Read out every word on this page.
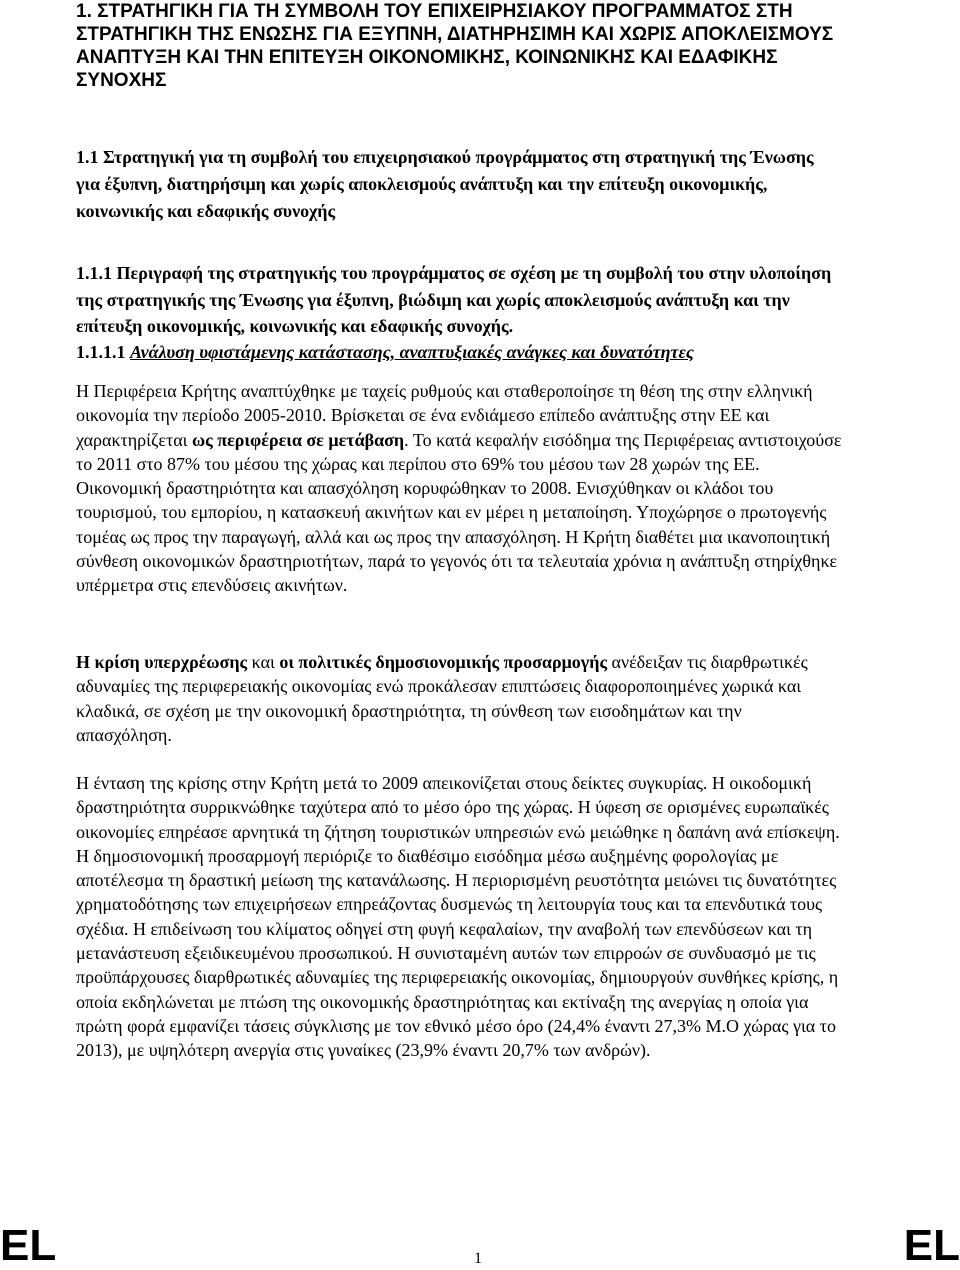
1. ΣΤΡΑΤΗΓΙΚΗ ΓΙΑ ΤΗ ΣΥΜΒΟΛΗ ΤΟΥ ΕΠΙΧΕΙΡΗΣΙΑΚΟΥ ΠΡΟΓΡΑΜΜΑΤΟΣ ΣΤΗ ΣΤΡΑΤΗΓΙΚΗ ΤΗΣ ΕΝΩΣΗΣ ΓΙΑ ΕΞΥΠΝΗ, ΔΙΑΤΗΡΗΣΙΜΗ ΚΑΙ ΧΩΡΙΣ ΑΠΟΚΛΕΙΣΜΟΥΣ ΑΝΑΠΤΥΞΗ ΚΑΙ ΤΗΝ ΕΠΙΤΕΥΞΗ ΟΙΚΟΝΟΜΙΚΗΣ, ΚΟΙΝΩΝΙΚΗΣ ΚΑΙ ΕΔΑΦΙΚΗΣ ΣΥΝΟΧΗΣ
1.1 Στρατηγική για τη συμβολή του επιχειρησιακού προγράμματος στη στρατηγική της Ένωσης για έξυπνη, διατηρήσιμη και χωρίς αποκλεισμούς ανάπτυξη και την επίτευξη οικονομικής, κοινωνικής και εδαφικής συνοχής
1.1.1 Περιγραφή της στρατηγικής του προγράμματος σε σχέση με τη συμβολή του στην υλοποίηση της στρατηγικής της Ένωσης για έξυπνη, βιώδιμη και χωρίς αποκλεισμούς ανάπτυξη και την επίτευξη οικονομικής, κοινωνικής και εδαφικής συνοχής.
1.1.1.1 Ανάλυση υφιστάμενης κατάστασης, αναπτυξιακές ανάγκες και δυνατότητες

Η Περιφέρεια Κρήτης αναπτύχθηκε με ταχείς ρυθμούς και σταθεροποίησε τη θέση της στην ελληνική οικονομία την περίοδο 2005-2010. Βρίσκεται σε ένα ενδιάμεσο επίπεδο ανάπτυξης στην ΕΕ και χαρακτηρίζεται ως περιφέρεια σε μετάβαση. Το κατά κεφαλήν εισόδημα της Περιφέρειας αντιστοιχούσε το 2011 στο 87% του μέσου της χώρας και περίπου στο 69% του μέσου των 28 χωρών της ΕΕ. Οικονομική δραστηριότητα και απασχόληση κορυφώθηκαν το 2008. Ενισχύθηκαν οι κλάδοι του τουρισμού, του εμπορίου, η κατασκευή ακινήτων και εν μέρει η μεταποίηση. Υποχώρησε ο πρωτογενής τομέας ως προς την παραγωγή, αλλά και ως προς την απασχόληση. Η Κρήτη διαθέτει μια ικανοποιητική σύνθεση οικονομικών δραστηριοτήτων, παρά το γεγονός ότι τα τελευταία χρόνια η ανάπτυξη στηρίχθηκε υπέρμετρα στις επενδύσεις ακινήτων.

Η κρίση υπερχρέωσης και οι πολιτικές δημοσιονομικής προσαρμογής ανέδειξαν τις διαρθρωτικές αδυναμίες της περιφερειακής οικονομίας ενώ προκάλεσαν επιπτώσεις διαφοροποιημένες χωρικά και κλαδικά, σε σχέση με την οικονομική δραστηριότητα, τη σύνθεση των εισοδημάτων και την απασχόληση.

Η ένταση της κρίσης στην Κρήτη μετά το 2009 απεικονίζεται στους δείκτες συγκυρίας. Η οικοδομική δραστηριότητα συρρικνώθηκε ταχύτερα από το μέσο όρο της χώρας. Η ύφεση σε ορισμένες ευρωπαϊκές οικονομίες επηρέασε αρνητικά τη ζήτηση τουριστικών υπηρεσιών ενώ μειώθηκε η δαπάνη ανά επίσκεψη. Η δημοσιονομική προσαρμογή περιόριζε το διαθέσιμο εισόδημα μέσω αυξημένης φορολογίας με αποτέλεσμα τη δραστική μείωση της κατανάλωσης. Η περιορισμένη ρευστότητα μειώνει τις δυνατότητες χρηματοδότησης των επιχειρήσεων επηρεάζοντας δυσμενώς τη λειτουργία τους και τα επενδυτικά τους σχέδια. Η επιδείνωση του κλίματος οδηγεί στη φυγή κεφαλαίων, την αναβολή των επενδύσεων και τη μετανάστευση εξειδικευμένου προσωπικού. Η συνισταμένη αυτών των επιρροών σε συνδυασμό με τις προϋπάρχουσες διαρθρωτικές αδυναμίες της περιφερειακής οικονομίας, δημιουργούν συνθήκες κρίσης, η οποία εκδηλώνεται με πτώση της οικονομικής δραστηριότητας και εκτίναξη της ανεργίας η οποία για πρώτη φορά εμφανίζει τάσεις σύγκλισης με τον εθνικό μέσο όρο (24,4% έναντι 27,3% Μ.Ο χώρας για το 2013), με υψηλότερη ανεργία στις γυναίκες (23,9% έναντι 20,7% των ανδρών).

EL	1	EL
